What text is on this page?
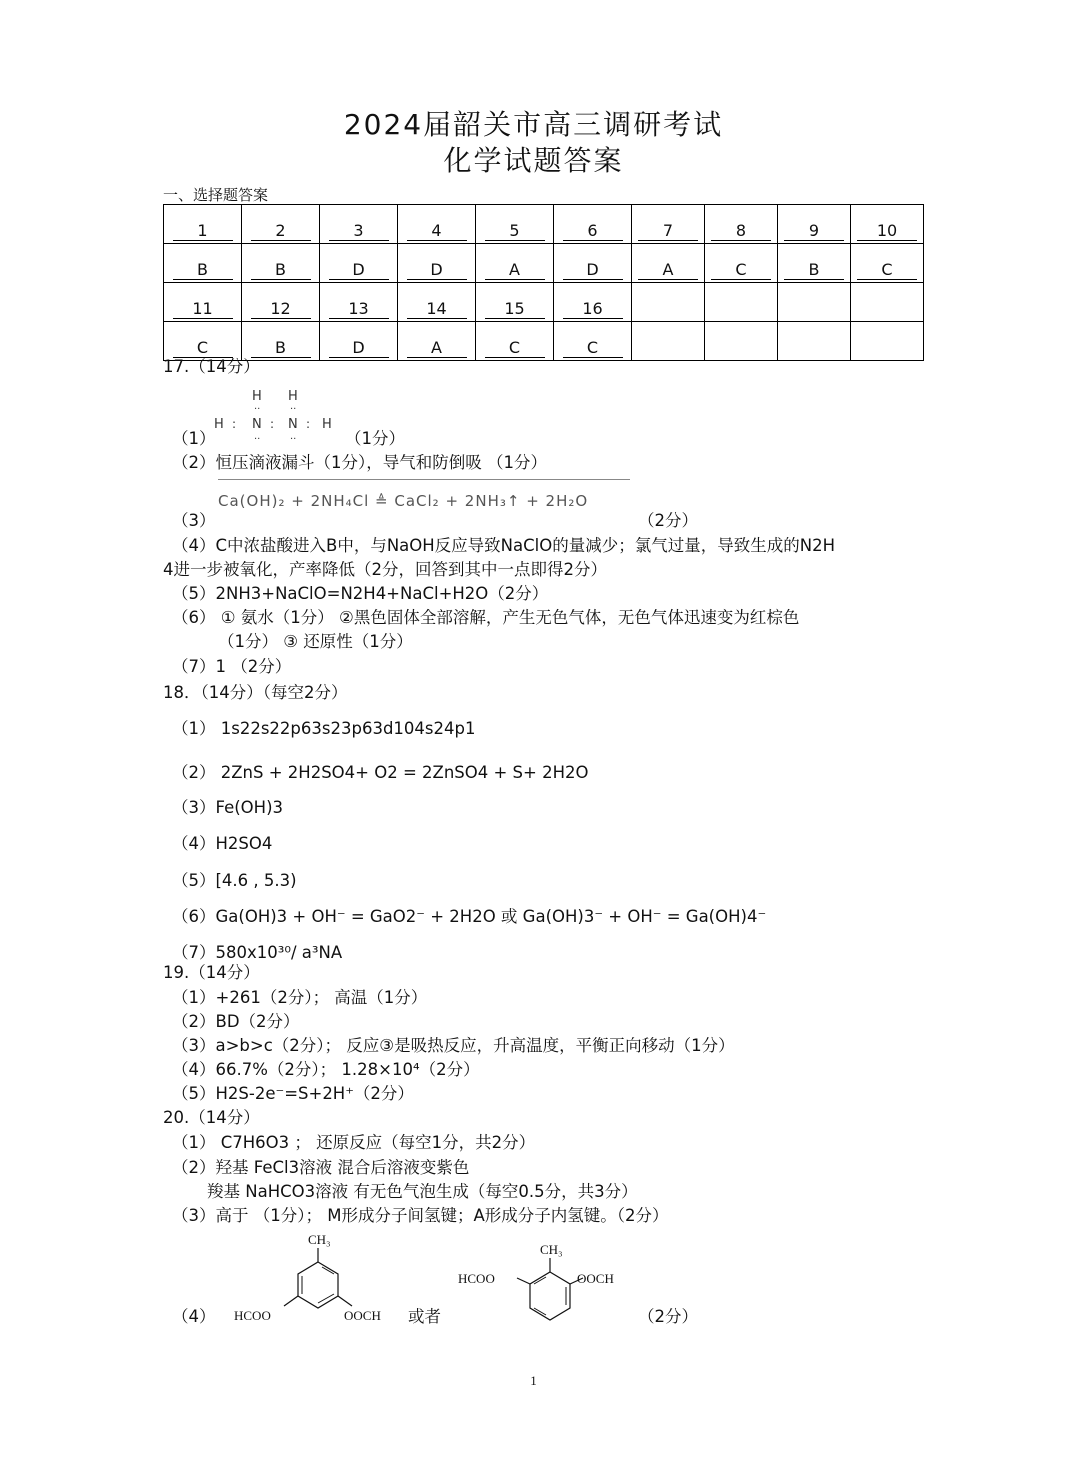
2024届韶关市高三调研考试
化学试题答案
一、选择题答案
1	2	3	4	5	6	7	8	9	10
B	B	D	D	A	D	A	C	B	C
11	12	13	14	15	16				
C	B	D	A	C	C				
17.（14分）
（1）
H H
··	··
H : N : N : H
··	··	（1分）
（2）恒压滴液漏斗（1分），导气和防倒吸 （1分）
（3）
Ca(OH)₂ + 2NH₄Cl ≜ CaCl₂ + 2NH₃↑ + 2H₂O
（2分）
（4）C中浓盐酸进入B中，与NaOH反应导致NaClO的量减少；氯气过量，导致生成的N2H
4进一步被氧化，产率降低（2分，回答到其中一点即得2分）
（5）2NH3+NaClO=N2H4+NaCl+H2O（2分）
（6） ① 氨水（1分） ②黑色固体全部溶解，产生无色气体，无色气体迅速变为红棕色
（1分） ③ 还原性（1分）
（7）1 （2分）
18．（14分）（每空2分）
（1） 1s22s22p63s23p63d104s24p1
（2） 2ZnS + 2H2SO4+ O2 = 2ZnSO4 + S+ 2H2O
（3）Fe(OH)3
（4）H2SO4
（5）[4.6 , 5.3)
（6）Ga(OH)3 + OH⁻ = GaO2⁻ + 2H2O 或 Ga(OH)3⁻ + OH⁻ = Ga(OH)4⁻
（7）580x10³⁰/ a³NA
19.（14分）
（1）+261（2分）； 高温（1分）
（2）BD（2分）
（3）a>b>c（2分）； 反应③是吸热反应，升高温度，平衡正向移动（1分）
（4）66.7%（2分）； 1.28×10⁴（2分）
（5）H2S-2e⁻=S+2H⁺（2分）
20.（14分）
（1） C7H6O3 ； 还原反应（每空1分，共2分）
（2）羟基 FeCl3溶液 混合后溶液变紫色
羧基 NaHCO3溶液 有无色气泡生成（每空0.5分，共3分）
（3）高于 （1分）； M形成分子间氢键；A形成分子内氢键。（2分）
（4）
CH₃
HCOO	OOCH 或者
CH₃
HCOO	OOCH
（2分）
1
